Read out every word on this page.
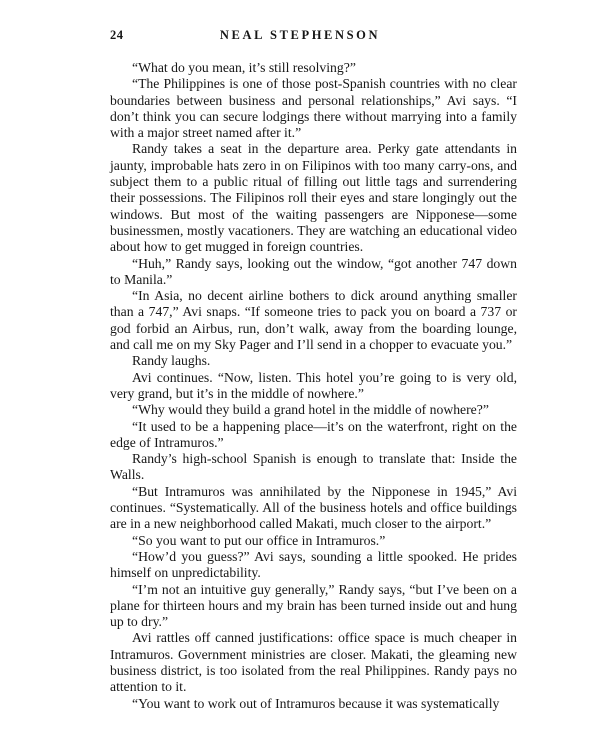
24	NEAL STEPHENSON

“What do you mean, it’s still resolving?”

“The Philippines is one of those post-Spanish countries with no clear boundaries between business and personal relationships,” Avi says. “I don’t think you can secure lodgings there without marrying into a family with a major street named after it.”

Randy takes a seat in the departure area. Perky gate attendants in jaunty, improbable hats zero in on Filipinos with too many carry-ons, and subject them to a public ritual of filling out little tags and surrendering their possessions. The Filipinos roll their eyes and stare longingly out the windows. But most of the waiting passengers are Nipponese—some businessmen, mostly vacationers. They are watching an educational video about how to get mugged in foreign countries.

“Huh,” Randy says, looking out the window, “got another 747 down to Manila.”

“In Asia, no decent airline bothers to dick around anything smaller than a 747,” Avi snaps. “If someone tries to pack you on board a 737 or god forbid an Airbus, run, don’t walk, away from the boarding lounge, and call me on my Sky Pager and I’ll send in a chopper to evacuate you.”

Randy laughs.

Avi continues. “Now, listen. This hotel you’re going to is very old, very grand, but it’s in the middle of nowhere.”

“Why would they build a grand hotel in the middle of nowhere?”

“It used to be a happening place—it’s on the waterfront, right on the edge of Intramuros.”

Randy’s high-school Spanish is enough to translate that: Inside the Walls.

“But Intramuros was annihilated by the Nipponese in 1945,” Avi continues. “Systematically. All of the business hotels and office buildings are in a new neighborhood called Makati, much closer to the airport.”

“So you want to put our office in Intramuros.”

“How’d you guess?” Avi says, sounding a little spooked. He prides himself on unpredictability.

“I’m not an intuitive guy generally,” Randy says, “but I’ve been on a plane for thirteen hours and my brain has been turned inside out and hung up to dry.”

Avi rattles off canned justifications: office space is much cheaper in Intramuros. Government ministries are closer. Makati, the gleaming new business district, is too isolated from the real Philippines. Randy pays no attention to it.

“You want to work out of Intramuros because it was systematically
